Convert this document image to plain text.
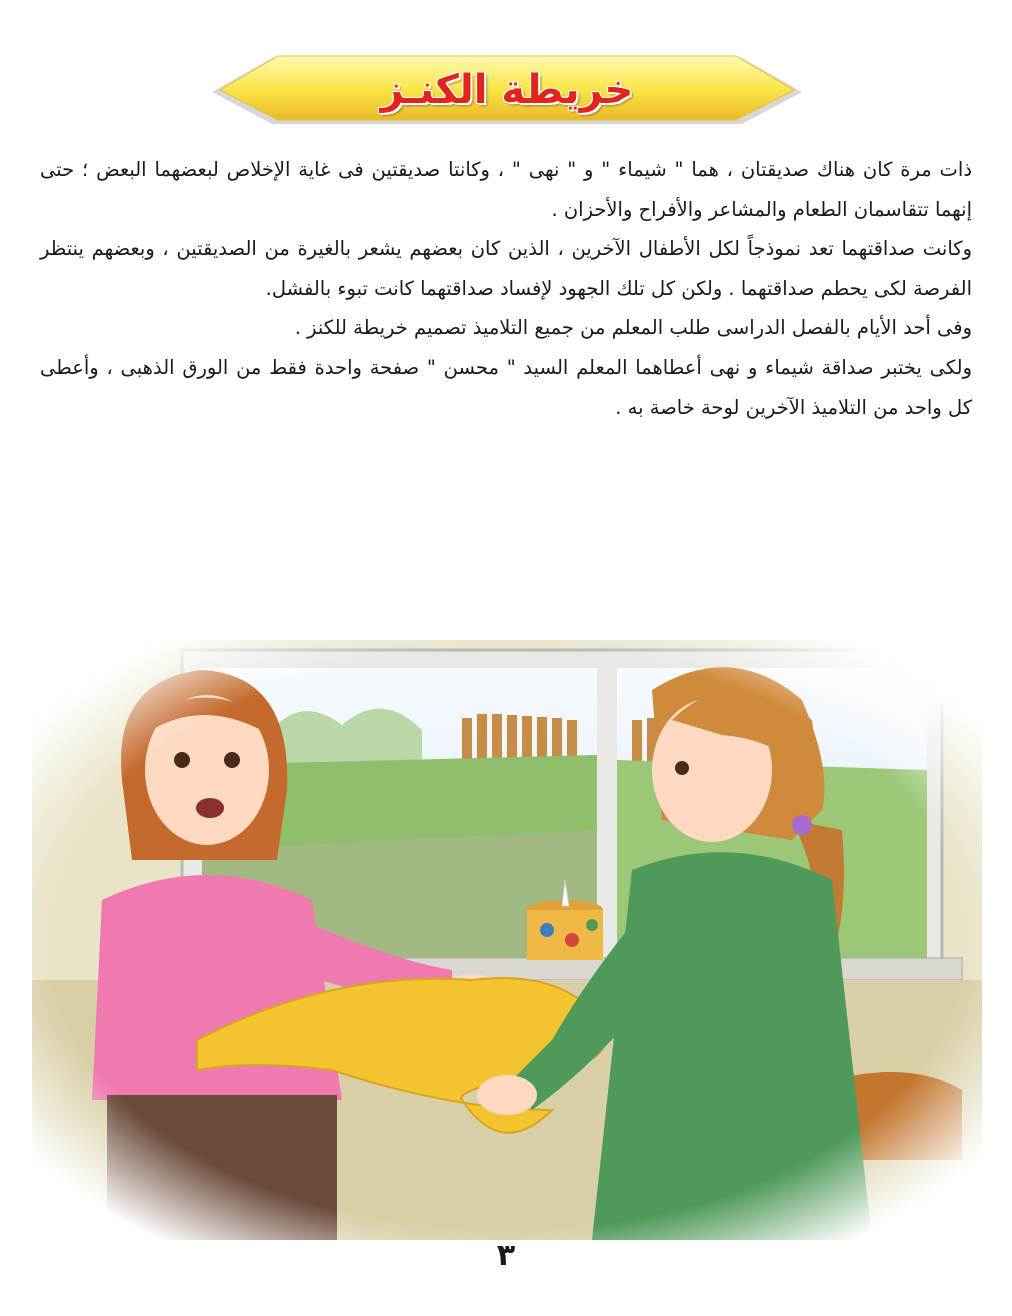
خريطة الكنـز

ذات مرة كان هناك صديقتان ، هما " شيماء " و " نهى " ، وكانتا صديقتين فى غاية الإخلاص لبعضهما البعض ؛ حتى إنهما تتقاسمان الطعام والمشاعر والأفراح والأحزان .

وكانت صداقتهما تعد نموذجاً لكل الأطفال الآخرين ، الذين كان بعضهم يشعر بالغيرة من الصديقتين ، وبعضهم ينتظر الفرصة لكى يحطم صداقتهما . ولكن كل تلك الجهود لإفساد صداقتهما كانت تبوء بالفشل.

وفى أحد الأيام بالفصل الدراسى طلب المعلم من جميع التلاميذ تصميم خريطة للكنز .

ولكى يختبر صداقة شيماء و نهى أعطاهما المعلم السيد " محسن " صفحة واحدة فقط من الورق الذهبى ، وأعطى كل واحد من التلاميذ الآخرين لوحة خاصة به .

٣
